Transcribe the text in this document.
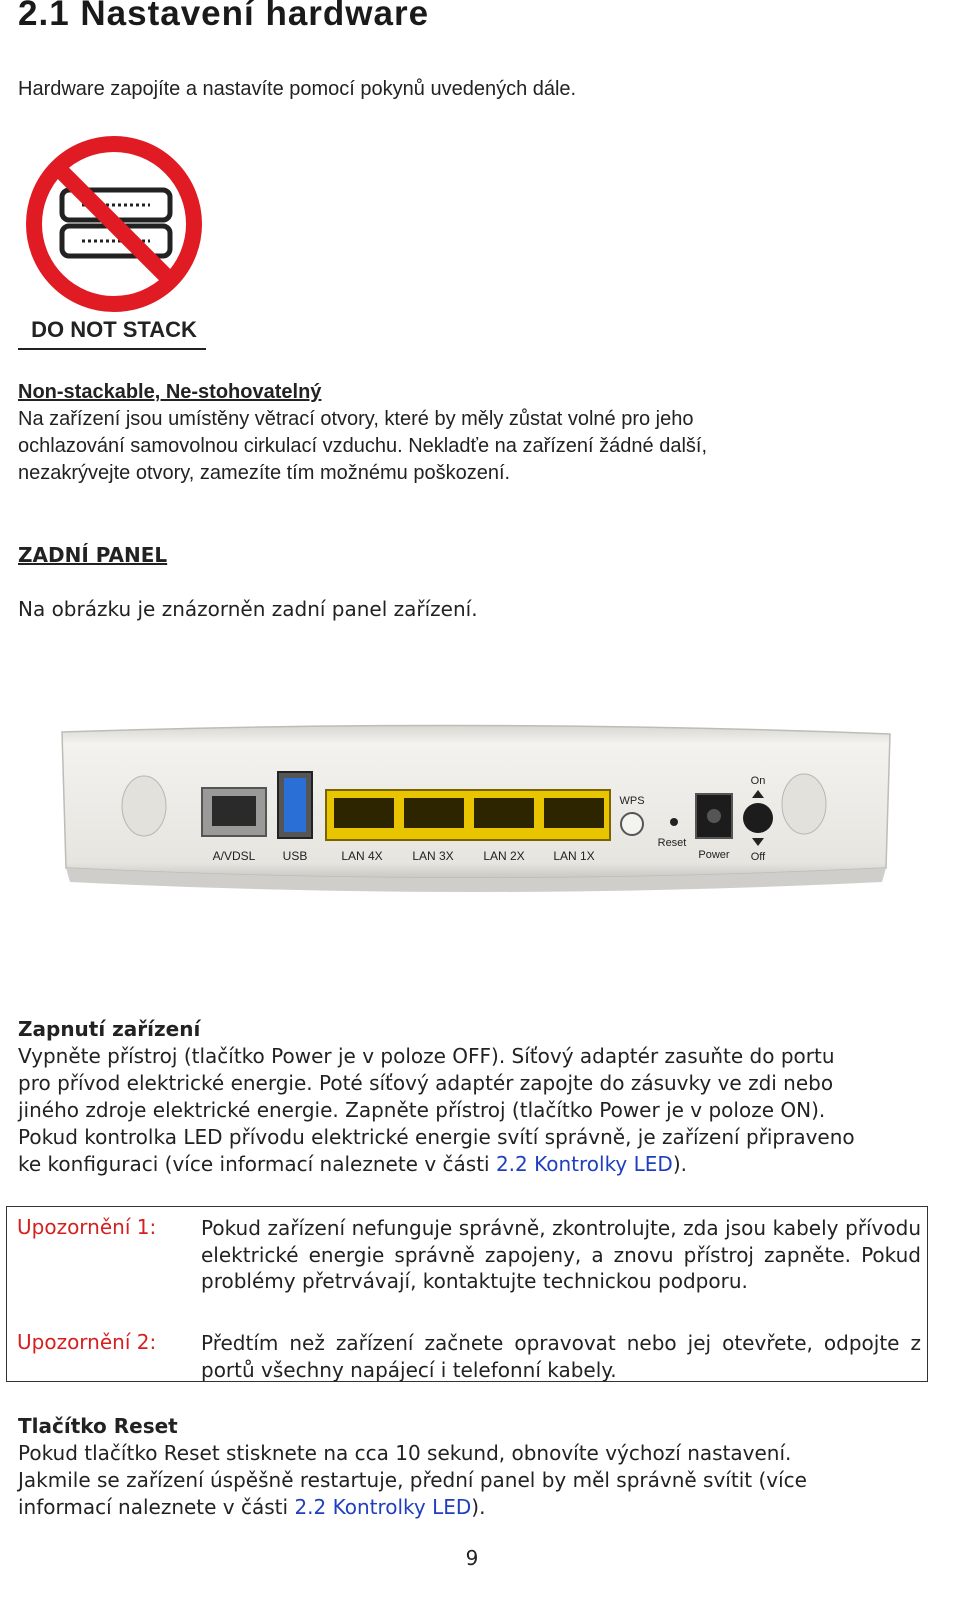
2.1 Nastavení hardware

Hardware zapojíte a nastavíte pomocí pokynů uvedených dále.

DO NOT STACK

Non-stackable, Ne-stohovatelný

Na zařízení jsou umístěny větrací otvory, které by měly zůstat volné pro jeho

ochlazování samovolnou cirkulací vzduchu. Nekladťe na zařízení žádné další,

nezakrývejte otvory, zamezíte tím možnému poškození.

ZADNÍ PANEL

Na obrázku je znázorněn zadní panel zařízení.

A/VDSL USB	LAN 4X LAN 3X LAN 2X LAN 1X
WPS
Reset
Power
On
Off

Zapnutí zařízení

Vypněte přístroj (tlačítko Power je v poloze OFF). Síťový adaptér zasuňte do portu

pro přívod elektrické energie. Poté síťový adaptér zapojte do zásuvky ve zdi nebo

jiného zdroje elektrické energie. Zapněte přístroj (tlačítko Power je v poloze ON).

Pokud kontrolka LED přívodu elektrické energie svítí správně, je zařízení připraveno

ke konfiguraci (více informací naleznete v části 2.2 Kontrolky LED).

Upozornění 1: Pokud zařízení nefunguje správně, zkontrolujte, zda jsou kabely přívodu elektrické energie správně zapojeny, a znovu přístroj zapněte. Pokud problémy přetrvávají, kontaktujte technickou podporu.
Upozornění 2: Předtím než zařízení začnete opravovat nebo jej otevřete, odpojte z portů všechny napájecí i telefonní kabely.

Tlačítko Reset

Pokud tlačítko Reset stisknete na cca 10 sekund, obnovíte výchozí nastavení.

Jakmile se zařízení úspěšně restartuje, přední panel by měl správně svítit (více

informací naleznete v části 2.2 Kontrolky LED).

9
